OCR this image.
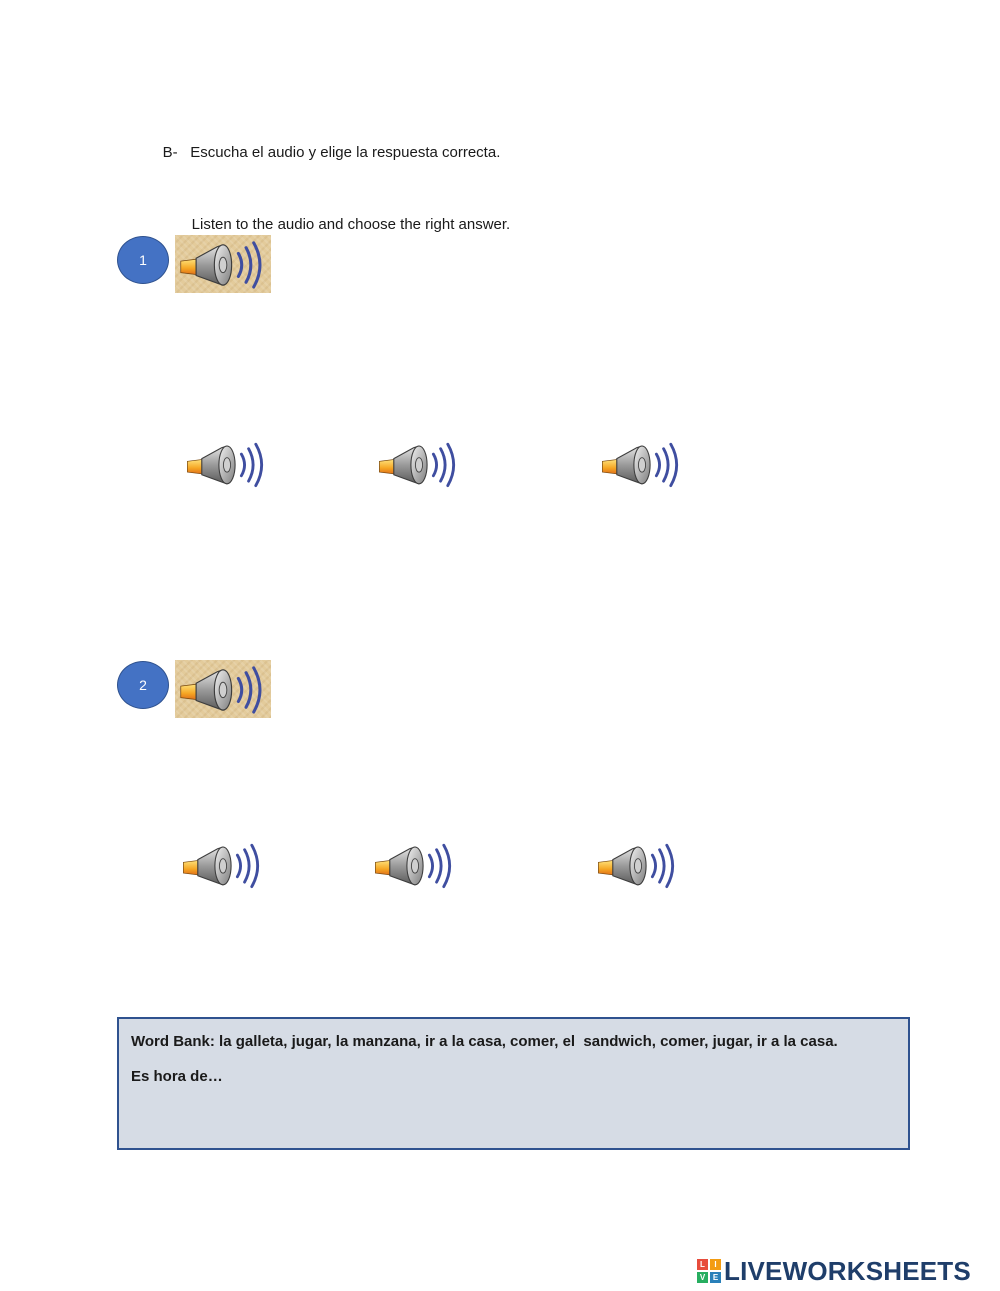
B- Escucha el audio y elige la respuesta correcta.

Listen to the audio and choose the right answer.

1
2
Word Bank: la galleta, jugar, la manzana, ir a la casa, comer, el  sandwich, comer, jugar, ir a la casa.
Es hora de…
L	I
V E LIVEWORKSHEETS
